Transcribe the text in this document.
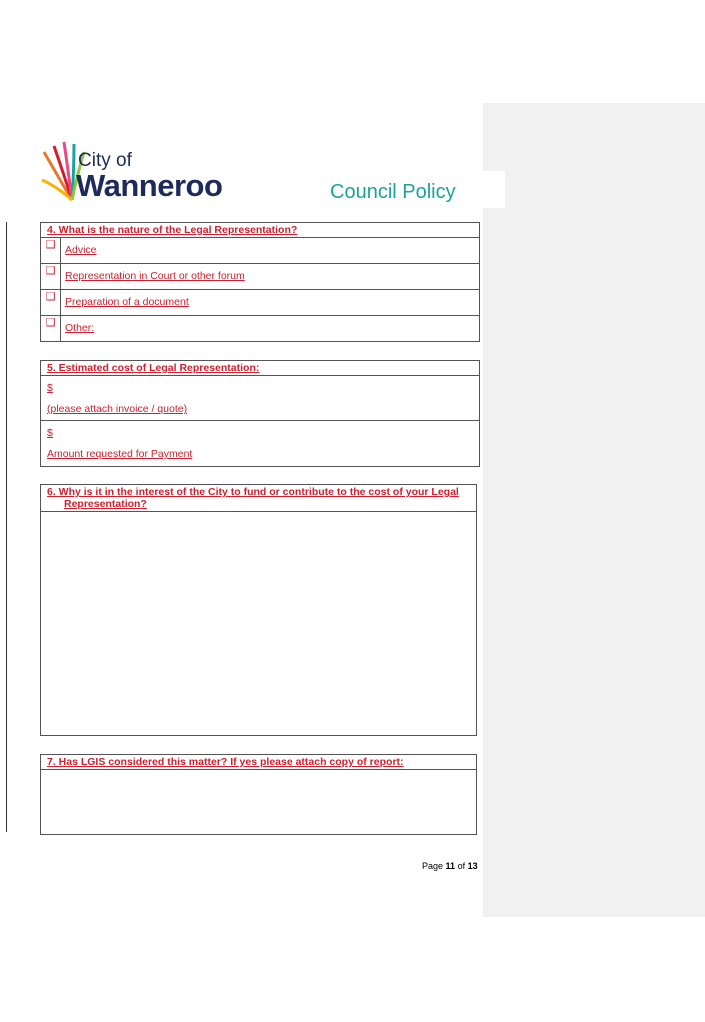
City of
Wanneroo	Council Policy
4. What is the nature of the Legal Representation?	
❑	Advice
❑	Representation in Court or other forum
❑	Preparation of a document
❑	Other:
5. Estimated cost of Legal Representation:

$
(please attach invoice / quote)

$
Amount requested for Payment
6. Why is it in the interest of the City to fund or contribute to the cost of your Legal
Representation?

7. Has LGIS considered this matter? If yes please attach copy of report:

Page 11 of 13
